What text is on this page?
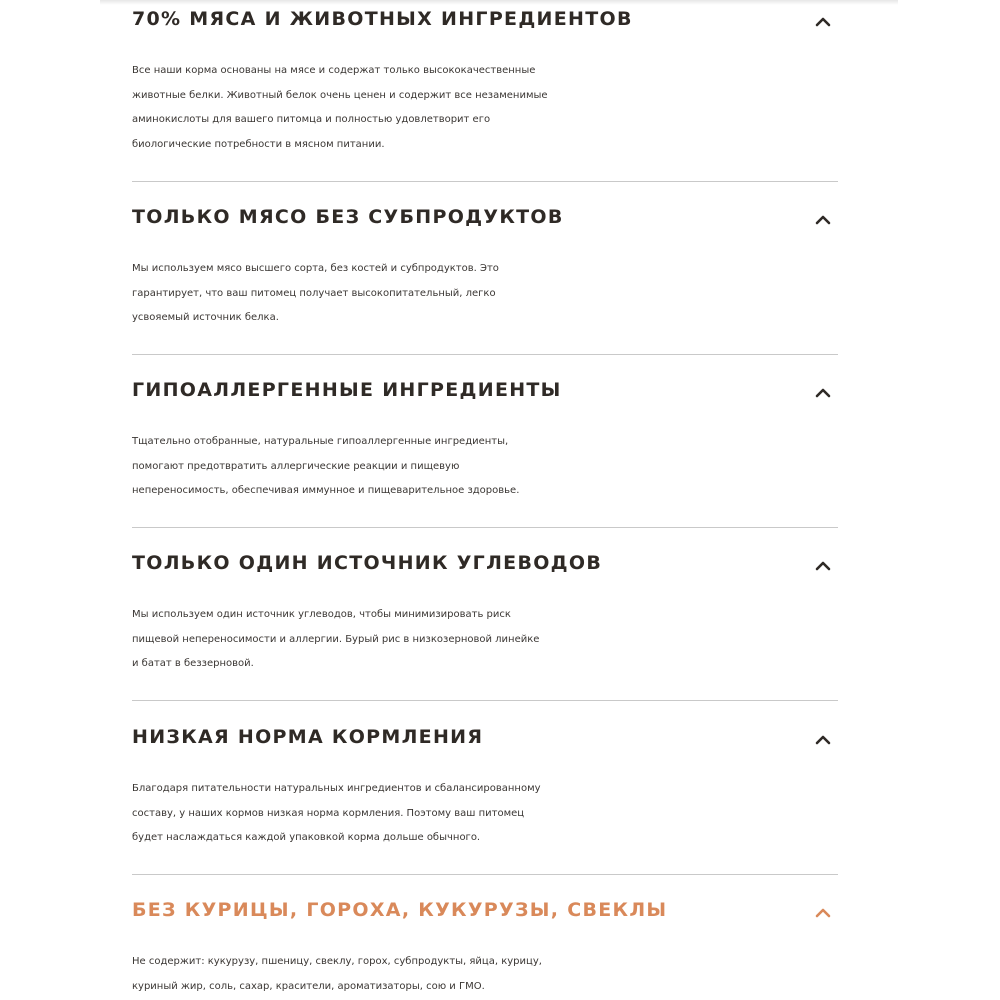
70% МЯСА И ЖИВОТНЫХ ИНГРЕДИЕНТОВ
Все наши корма основаны на мясе и содержат только высококачественные
животные белки. Животный белок очень ценен и содержит все незаменимые
аминокислоты для вашего питомца и полностью удовлетворит его
биологические потребности в мясном питании.
ТОЛЬКО МЯСО БЕЗ СУБПРОДУКТОВ
Мы используем мясо высшего сорта, без костей и субпродуктов. Это
гарантирует, что ваш питомец получает высокопитательный, легко
усвояемый источник белка.
ГИПОАЛЛЕРГЕННЫЕ ИНГРЕДИЕНТЫ
Тщательно отобранные, натуральные гипоаллергенные ингредиенты,
помогают предотвратить аллергические реакции и пищевую
непереносимость, обеспечивая иммунное и пищеварительное здоровье.
ТОЛЬКО ОДИН ИСТОЧНИК УГЛЕВОДОВ
Мы используем один источник углеводов, чтобы минимизировать риск
пищевой непереносимости и аллергии. Бурый рис в низкозерновой линейке
и батат в беззерновой.
НИЗКАЯ НОРМА КОРМЛЕНИЯ
Благодаря питательности натуральных ингредиентов и сбалансированному
составу, у наших кормов низкая норма кормления. Поэтому ваш питомец
будет наслаждаться каждой упаковкой корма дольше обычного.
БЕЗ КУРИЦЫ, ГОРОХА, КУКУРУЗЫ, СВЕКЛЫ
Не содержит: кукурузу, пшеницу, свеклу, горох, субпродукты, яйца, курицу,
куриный жир, соль, сахар, красители, ароматизаторы, сою и ГМО.
